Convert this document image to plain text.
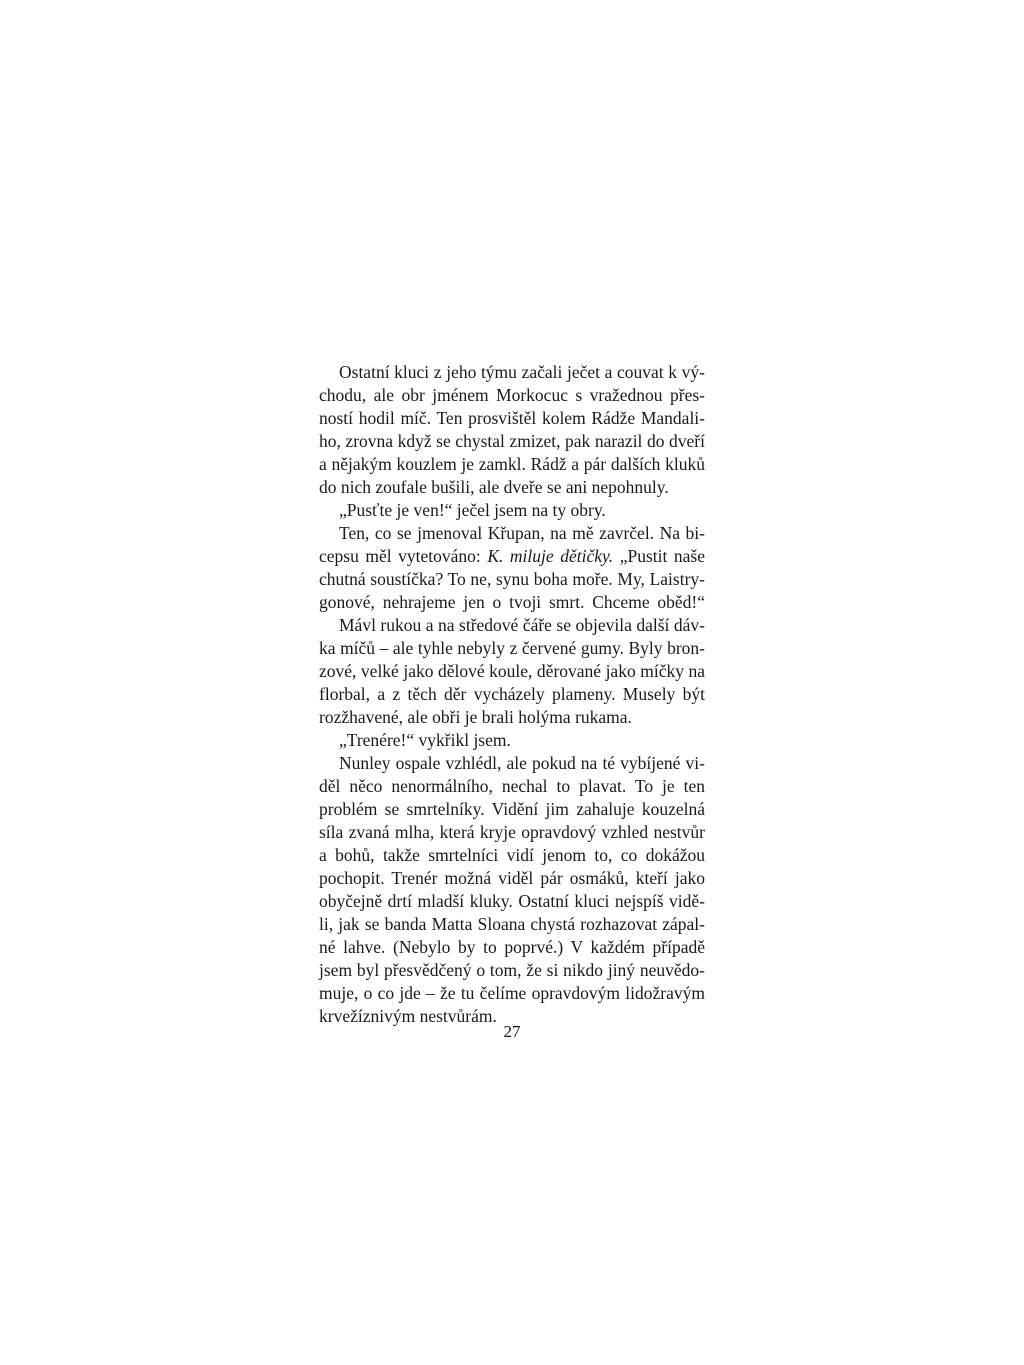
Ostatní kluci z jeho týmu začali ječet a couvat k vý-
chodu, ale obr jménem Morkocuc s vražednou přes-
ností hodil míč. Ten prosvištěl kolem Rádže Mandali-
ho, zrovna když se chystal zmizet, pak narazil do dveří
a nějakým kouzlem je zamkl. Rádž a pár dalších kluků
do nich zoufale bušili, ale dveře se ani nepohnuly.
„Pusťte je ven!“ ječel jsem na ty obry.
Ten, co se jmenoval Křupan, na mě zavrčel. Na bi-
cepsu měl vytetováno: K. miluje dětičky. „Pustit naše
chutná soustíčka? To ne, synu boha moře. My, Laistry-
gonové, nehrajeme jen o tvoji smrt. Chceme oběd!“
Mávl rukou a na středové čáře se objevila další dáv-
ka míčů – ale tyhle nebyly z červené gumy. Byly bron-
zové, velké jako dělové koule, děrované jako míčky na
florbal, a z těch děr vycházely plameny. Musely být
rozžhavené, ale obři je brali holýma rukama.
„Trenére!“ vykřikl jsem.
Nunley ospale vzhlédl, ale pokud na té vybíjené vi-
děl něco nenormálního, nechal to plavat. To je ten
problém se smrtelníky. Vidění jim zahaluje kouzelná
síla zvaná mlha, která kryje opravdový vzhled nestvůr
a bohů, takže smrtelníci vidí jenom to, co dokážou
pochopit. Trenér možná viděl pár osmáků, kteří jako
obyčejně drtí mladší kluky. Ostatní kluci nejspíš vidě-
li, jak se banda Matta Sloana chystá rozhazovat zápal-
né lahve. (Nebylo by to poprvé.) V každém případě
jsem byl přesvědčený o tom, že si nikdo jiný neuvědo-
muje, o co jde – že tu čelíme opravdovým lidožravým
krvežíznivým nestvůrám.
27
